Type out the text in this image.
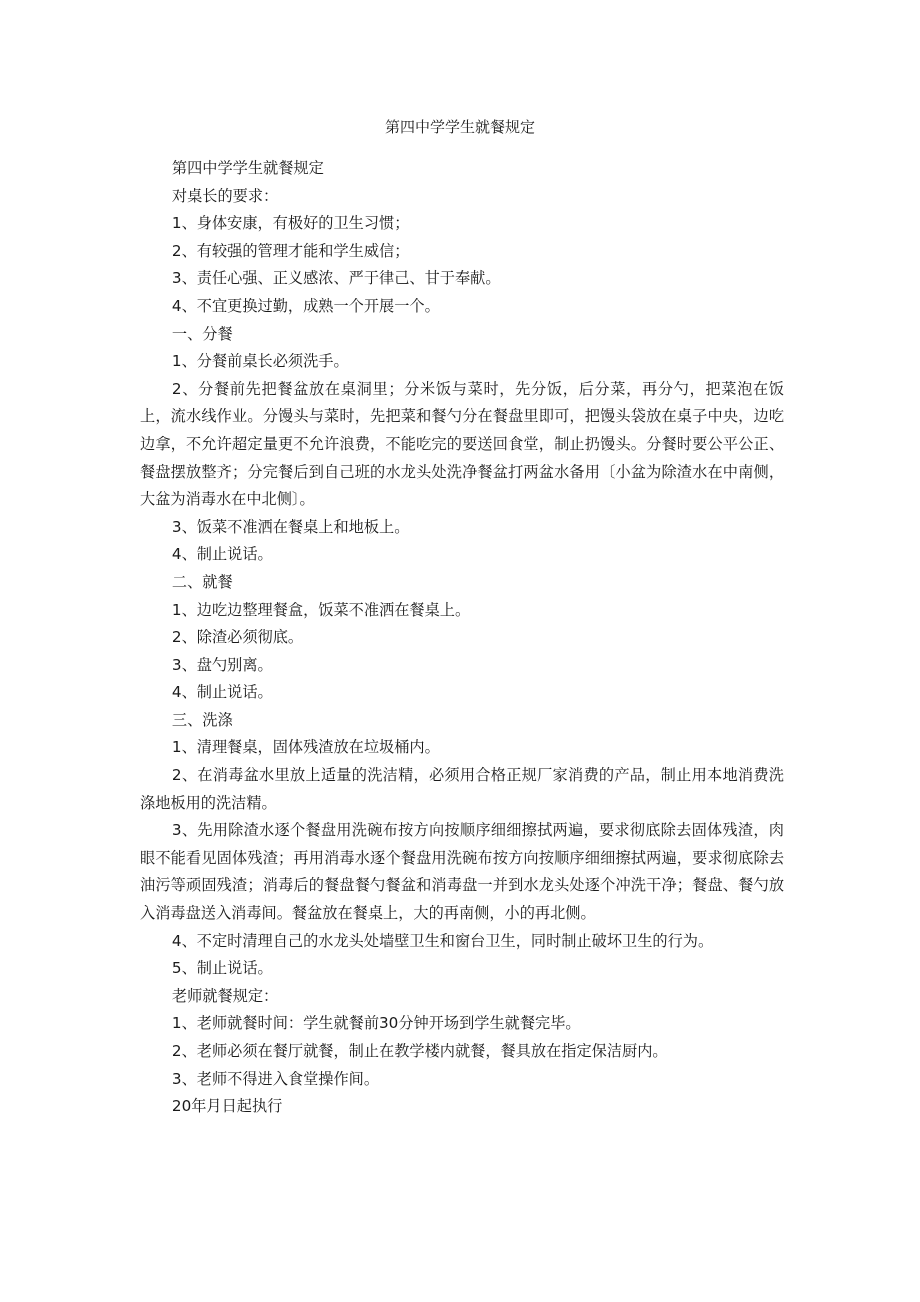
第四中学学生就餐规定

第四中学学生就餐规定

对桌长的要求：

1、身体安康，有极好的卫生习惯；

2、有较强的管理才能和学生威信；

3、责任心强、正义感浓、严于律己、甘于奉献。

4、不宜更换过勤，成熟一个开展一个。

一、分餐

1、分餐前桌长必须洗手。

2、分餐前先把餐盆放在桌洞里；分米饭与菜时，先分饭，后分菜，再分勺，把菜泡在饭上，流水线作业。分馒头与菜时，先把菜和餐勺分在餐盘里即可，把馒头袋放在桌子中央，边吃边拿，不允许超定量更不允许浪费，不能吃完的要送回食堂，制止扔馒头。分餐时要公平公正、餐盘摆放整齐；分完餐后到自己班的水龙头处洗净餐盆打两盆水备用〔小盆为除渣水在中南侧，大盆为消毒水在中北侧〕。

3、饭菜不准洒在餐桌上和地板上。

4、制止说话。

二、就餐

1、边吃边整理餐盒，饭菜不准洒在餐桌上。

2、除渣必须彻底。

3、盘勺别离。

4、制止说话。

三、洗涤

1、清理餐桌，固体残渣放在垃圾桶内。

2、在消毒盆水里放上适量的洗洁精，必须用合格正规厂家消费的产品，制止用本地消费洗涤地板用的洗洁精。

3、先用除渣水逐个餐盘用洗碗布按方向按顺序细细擦拭两遍，要求彻底除去固体残渣，肉眼不能看见固体残渣；再用消毒水逐个餐盘用洗碗布按方向按顺序细细擦拭两遍，要求彻底除去油污等顽固残渣；消毒后的餐盘餐勺餐盆和消毒盘一并到水龙头处逐个冲洗干净；餐盘、餐勺放入消毒盘送入消毒间。餐盆放在餐桌上，大的再南侧，小的再北侧。

4、不定时清理自己的水龙头处墙壁卫生和窗台卫生，同时制止破坏卫生的行为。

5、制止说话。

老师就餐规定：

1、老师就餐时间：学生就餐前30分钟开场到学生就餐完毕。

2、老师必须在餐厅就餐，制止在教学楼内就餐，餐具放在指定保洁厨内。

3、老师不得进入食堂操作间。

20年月日起执行
